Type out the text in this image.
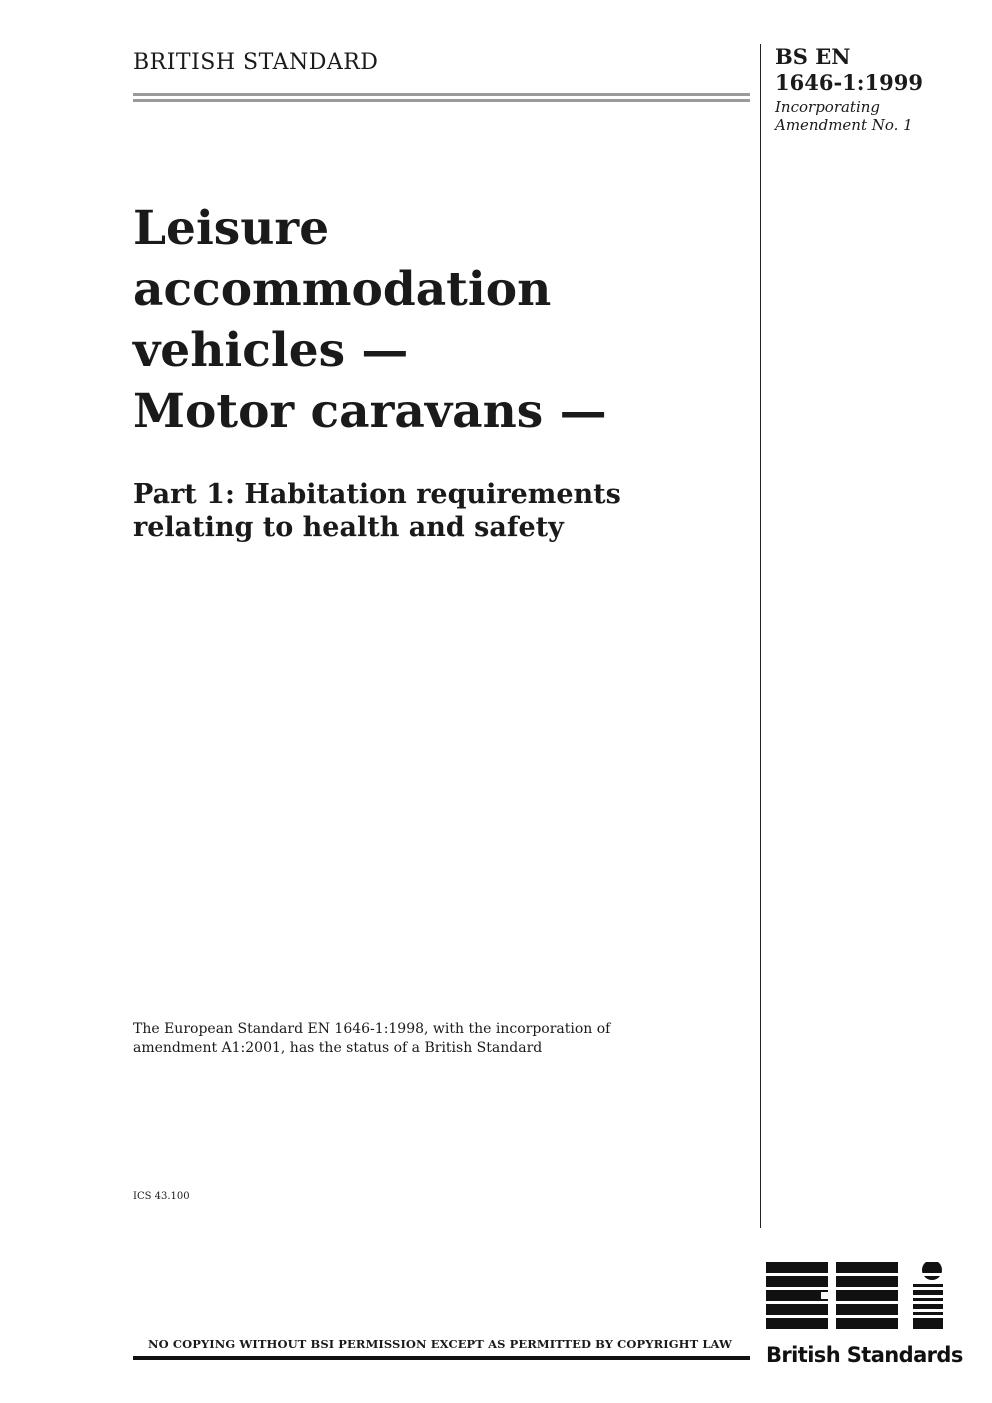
BRITISH STANDARD	BS EN
1646-1:1999
Incorporating
Amendment No. 1
Leisure
accommodation
vehicles —
Motor caravans —
Part 1: Habitation requirements
relating to health and safety
The European Standard EN 1646-1:1998, with the incorporation of
amendment A1:2001, has the status of a British Standard
ICS 43.100
NO COPYING WITHOUT BSI PERMISSION EXCEPT AS PERMITTED BY COPYRIGHT LAW British Standards
